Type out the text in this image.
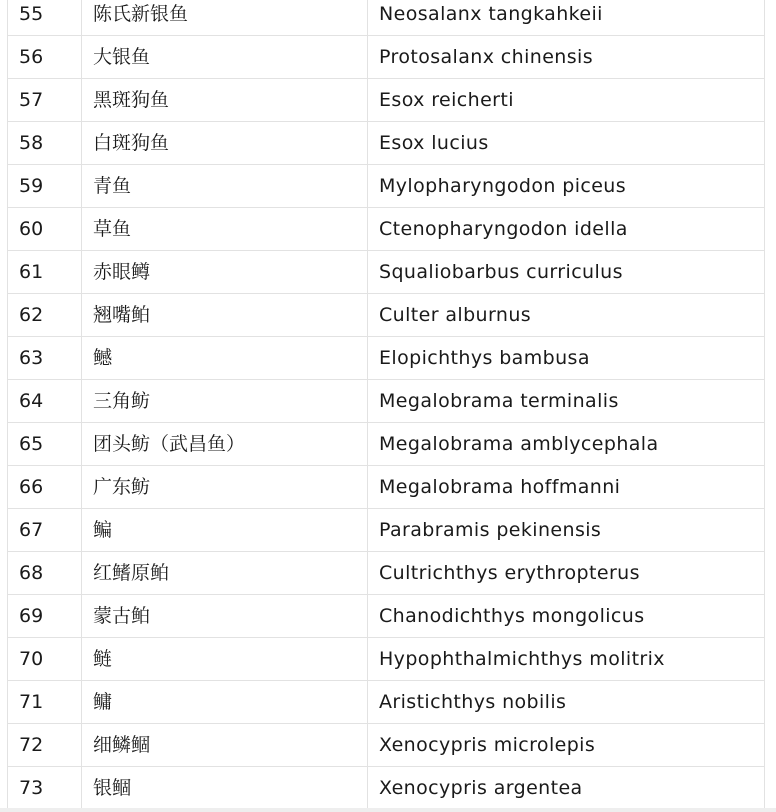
55	陈氏新银鱼	Neosalanx tangkahkeii
56	大银鱼	Protosalanx chinensis
57	黑斑狗鱼	Esox reicherti
58	白斑狗鱼	Esox lucius
59	青鱼	Mylopharyngodon piceus
60	草鱼	Ctenopharyngodon idella
61	赤眼鳟	Squaliobarbus curriculus
62	翘嘴鲌	Culter alburnus
63	鳡	Elopichthys bambusa
64	三角鲂	Megalobrama terminalis
65	团头鲂（武昌鱼）	Megalobrama amblycephala
66	广东鲂	Megalobrama hoffmanni
67	鳊	Parabramis pekinensis
68	红鳍原鲌	Cultrichthys erythropterus
69	蒙古鲌	Chanodichthys mongolicus
70	鲢	Hypophthalmichthys molitrix
71	鳙	Aristichthys nobilis
72	细鳞鲴	Xenocypris microlepis
73	银鲴	Xenocypris argentea
